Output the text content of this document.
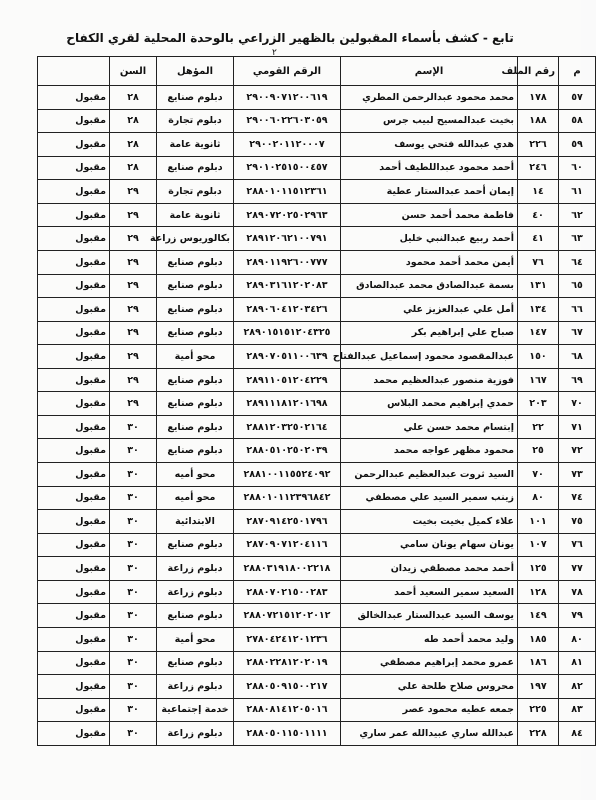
تابع - كشف بأسماء المقبولين بالظهير الزراعي بالوحدة المحلية لقري الكفاح
٢
م	رقم الملف	الإسم	الرقم القومي	المؤهل	السن	
٥٧	١٧٨	محمد محمود عبدالرحمن المطري	٢٩٠٠٩٠٧١٢٠٠٦١٩	دبلوم صنايع	٢٨	مقبول
٥٨	١٨٨	بخيت عبدالمسيح لبيب جرس	٢٩٠٠٦٠٢٢٦٠٣٠٥٩	دبلوم تجارة	٢٨	مقبول
٥٩	٢٢٦	هدي عبدالله فتحي يوسف	٢٩٠٠٢٠١١٢٠٠٠٧	ثانوية عامة	٢٨	مقبول
٦٠	٢٤٦	أحمد محمود عبداللطيف أحمد	٢٩٠١٠٢٥١٥٠٠٤٥٧	دبلوم صنايع	٢٨	مقبول
٦١	١٤	إيمان أحمد عبدالستار عطية	٢٨٨٠١٠١١٥١٢٣٦١	دبلوم تجارة	٢٩	مقبول
٦٢	٤٠	فاطمة محمد أحمد حسن	٢٨٩٠٧٢٠٢٥٠٢٩٦٣	ثانوية عامة	٢٩	مقبول
٦٣	٤١	أحمد ربيع عبدالنبي خليل	٢٨٩١٢٠٦٢١٠٠٧٩١	بكالوريوس زراعة	٢٩	مقبول
٦٤	٧٦	أيمن محمد أحمد محمود	٢٨٩٠١١٩٢٦٠٠٧٧٧	دبلوم صنايع	٢٩	مقبول
٦٥	١٣١	بسمة عبدالصادق محمد عبدالصادق	٢٨٩٠٣١٦١٢٠٢٠٨٣	دبلوم صنايع	٢٩	مقبول
٦٦	١٣٤	أمل علي عبدالعزيز علي	٢٨٩٠٦٠٤١٢٠٣٤٢٦	دبلوم صنايع	٢٩	مقبول
٦٧	١٤٧	صباح علي إبراهيم بكر	٢٨٩٠١٥١٥١٢٠٤٣٢٥	دبلوم صنايع	٢٩	مقبول
٦٨	١٥٠	عبدالمقصود محمود إسماعيل عبدالفتاح	٢٨٩٠٧٠٥١١٠٠٦٣٩	محو أمية	٢٩	مقبول
٦٩	١٦٧	فوزية منصور عبدالعظيم محمد	٢٨٩١١٠٥١٢٠٤٢٢٩	دبلوم صنايع	٢٩	مقبول
٧٠	٢٠٣	حمدي إبراهيم محمد البلاس	٢٨٩١١١٨١٢٠١٦٩٨	دبلوم صنايع	٢٩	مقبول
٧١	٢٢	إبتسام محمد حسن علي	٢٨٨١٢٠٣٢٥٠٢١٦٤	دبلوم صنايع	٣٠	مقبول
٧٢	٢٥	محمود مظهر عواجه محمد	٢٨٨٠٥١٠٢٥٠٢٠٣٩	دبلوم صنايع	٣٠	مقبول
٧٣	٧٠	السيد ثروت عبدالعظيم عبدالرحمن	٢٨٨١٠٠١١٥٥٢٤٠٩٢	محو أميه	٣٠	مقبول
٧٤	٨٠	زينب سمير السيد علي مصطفي	٢٨٨٠١٠١١٢٣٩٦٨٤٢	محو أميه	٣٠	مقبول
٧٥	١٠١	علاء كميل بخيت بخيت	٢٨٧٠٩١٤٢٥٠١٧٩٦	الابتدائية	٣٠	مقبول
٧٦	١٠٧	يونان سهام يونان سامي	٢٨٧٠٩٠٧١٢٠٤١١٦	دبلوم صنايع	٣٠	مقبول
٧٧	١٢٥	أحمد محمد مصطفي زيدان	٢٨٨٠٣١٩١٨٠٠٢٢١٨	دبلوم زراعة	٣٠	مقبول
٧٨	١٢٨	السعيد سمير السعيد أحمد	٢٨٨٠٧٠٢١٥٠٠٢٨٣	دبلوم زراعة	٣٠	مقبول
٧٩	١٤٩	يوسف السيد عبدالستار عبدالخالق	٢٨٨٠٧٢١٥١٢٠٢٠١٢	دبلوم صنايع	٣٠	مقبول
٨٠	١٨٥	وليد محمد أحمد طه	٢٧٨٠٤٢٤١٢٠١٢٣٦	محو أمية	٣٠	مقبول
٨١	١٨٦	عمرو محمد إبراهيم مصطفي	٢٨٨٠٢٢٨١٢٠٢٠١٩	دبلوم صنايع	٣٠	مقبول
٨٢	١٩٧	محروس صلاح طلحة علي	٢٨٨٠٥٠٩١٥٠٠٢١٧	دبلوم زراعة	٣٠	مقبول
٨٣	٢٢٥	جمعه عطيه محمود عصر	٢٨٨٠٨١٤١٢٠٥٠١٦	خدمة إجتماعية	٣٠	مقبول
٨٤	٢٢٨	عبدالله ساري عبيدالله عمر ساري	٢٨٨٠٥٠١١٥٠١١١١	دبلوم زراعة	٣٠	مقبول
